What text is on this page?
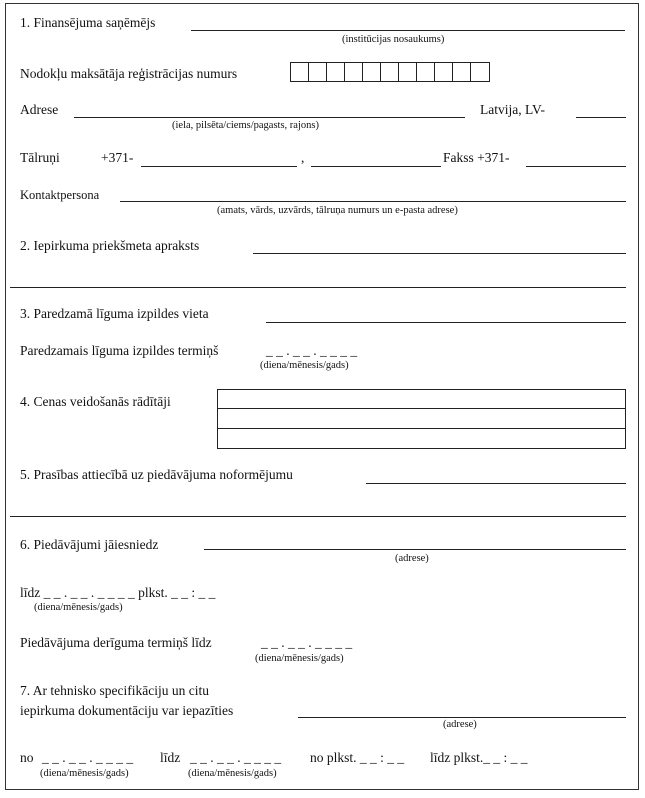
1. Finansējuma saņēmējs
(institūcijas nosaukums)
Nodokļu maksātāja reģistrācijas numurs
Adrese
(iela, pilsēta/ciems/pagasts, rajons)
Latvija, LV-
Tālruņi	+371-	,	Fakss +371-
Kontaktpersona
(amats, vārds, uzvārds, tālruņa numurs un e-pasta adrese)
2. Iepirkuma priekšmeta apraksts
3. Paredzamā līguma izpildes vieta
Paredzamais līguma izpildes termiņš	_ _ . _ _ . _ _ _ _
(diena/mēnesis/gads)
4. Cenas veidošanās rādītāji
5. Prasības attiecībā uz piedāvājuma noformējumu
6. Piedāvājumi jāiesniedz
(adrese)
līdz _ _ . _ _ . _ _ _ _ plkst. _ _ : _ _
(diena/mēnesis/gads)
Piedāvājuma derīguma termiņš līdz	_ _ . _ _ . _ _ _ _
(diena/mēnesis/gads)
7. Ar tehnisko specifikāciju un citu
iepirkuma dokumentāciju var iepazīties
(adrese)
no _ _ . _ _ . _ _ _ _
(diena/mēnesis/gads)
līdz _ _ . _ _ . _ _ _ _
(diena/mēnesis/gads)
no plkst. _ _ : _ _ līdz plkst._ _ : _ _
